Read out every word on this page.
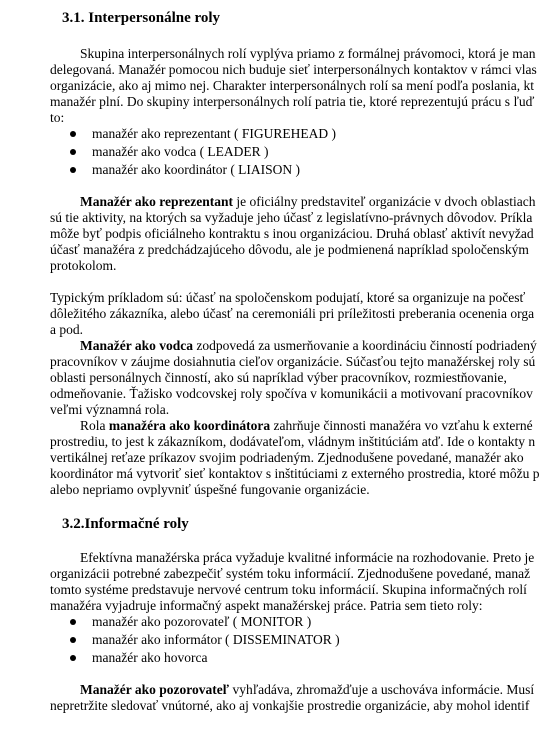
3.1. Interpersonálne roly
Skupina interpersonálnych rolí vyplýva priamo z formálnej právomoci, ktorá je man
delegovaná. Manažér pomocou nich buduje sieť interpersonálnych kontaktov v rámci vlas
organizácie, ako aj mimo nej. Charakter interpersonálnych rolí sa mení podľa poslania, kt
manažér plní. Do skupiny interpersonálnych rolí patria tie, ktoré reprezentujú prácu s ľuď
to:
manažér ako reprezentant ( FIGUREHEAD )
manažér ako vodca ( LEADER )
manažér ako koordinátor ( LIAISON )
Manažér ako reprezentant je oficiálny predstaviteľ organizácie v dvoch oblastiach
sú tie aktivity, na ktorých sa vyžaduje jeho účasť z legislatívno-právnych dôvodov. Príkla
môže byť podpis oficiálneho kontraktu s inou organizáciou. Druhá oblasť aktivít nevyžad
účasť manažéra z predchádzajúceho dôvodu, ale je podmienená napríklad spoločenským
protokolom.
Typickým príkladom sú: účasť na spoločenskom podujatí, ktoré sa organizuje na počesť
dôležitého zákazníka, alebo účasť na ceremoniáli pri príležitosti preberania ocenenia orga
a pod.
Manažér ako vodca zodpovedá za usmerňovanie a koordináciu činností podriadený
pracovníkov v záujme dosiahnutia cieľov organizácie. Súčasťou tejto manažérskej roly sú
oblasti personálnych činností, ako sú napríklad výber pracovníkov, rozmiestňovanie,
odmeňovanie. Ťažisko vodcovskej roly spočíva v komunikácii a motivovaní pracovníkov
veľmi významná rola.
Rola manažéra ako koordinátora zahrňuje činnosti manažéra vo vzťahu k externé
prostrediu, to jest k zákazníkom, dodávateľom, vládnym inštitúciám atď. Ide o kontakty n
vertikálnej reťaze príkazov svojim podriadeným. Zjednodušene povedané, manažér ako
koordinátor má vytvoriť sieť kontaktov s inštitúciami z externého prostredia, ktoré môžu p
alebo nepriamo ovplyvniť úspešné fungovanie organizácie.
3.2.Informačné roly
Efektívna manažérska práca vyžaduje kvalitné informácie na rozhodovanie. Preto je
organizácii potrebné zabezpečiť systém toku informácií. Zjednodušene povedané, manaž
tomto systéme predstavuje nervové centrum toku informácií. Skupina informačných rolí
manažéra vyjadruje informačný aspekt manažérskej práce. Patria sem tieto roly:
manažér ako pozorovateľ ( MONITOR )
manažér ako informátor ( DISSEMINATOR )
manažér ako hovorca
Manažér ako pozorovateľ vyhľadáva, zhromažďuje a uschováva informácie. Musí
nepretržite sledovať vnútorné, ako aj vonkajšie prostredie organizácie, aby mohol identif
